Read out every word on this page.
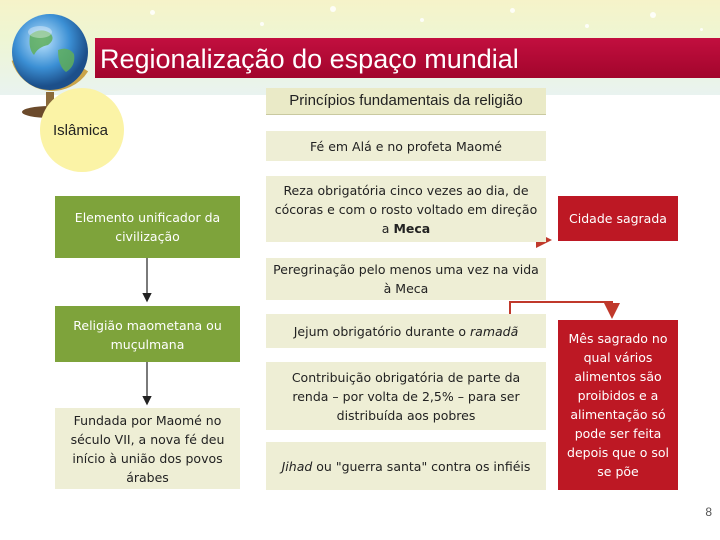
Regionalização do espaço mundial
Princípios fundamentais da religião
Islâmica
Elemento unificador da civilização
Religião maometana ou muçulmana
Fundada por Maomé no século VII, a nova fé deu início à união dos povos árabes
Fé em Alá e no profeta Maomé
Reza obrigatória cinco vezes ao dia, de cócoras e com o rosto voltado em direção a Meca
Peregrinação pelo menos uma vez na vida à Meca
Jejum obrigatório durante o ramadã
Contribuição obrigatória de parte da renda – por volta de 2,5% – para ser distribuída aos pobres
Jihad ou "guerra santa" contra os infiéis
Cidade sagrada
Mês sagrado no qual vários alimentos são proibidos e a alimentação só pode ser feita depois que o sol se põe
8
